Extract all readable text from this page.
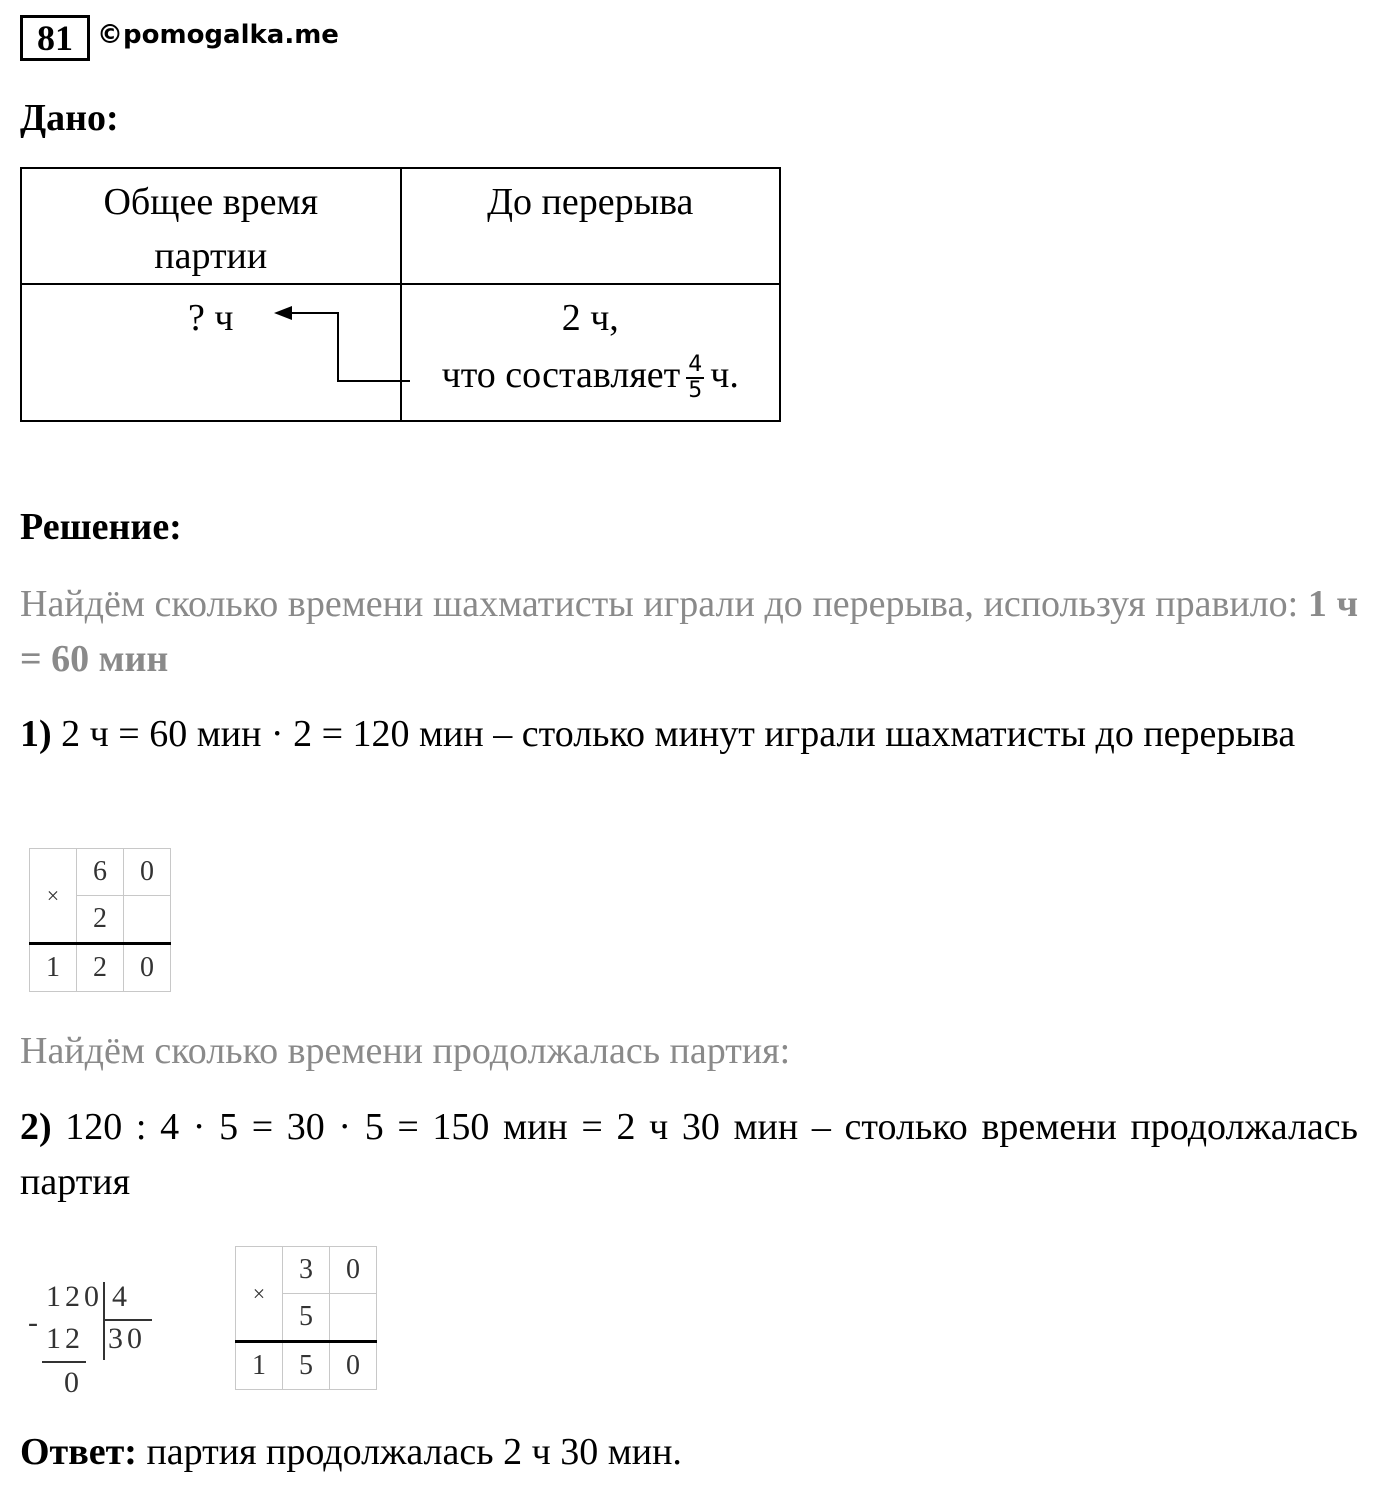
81 ©pomogalka.me
Дано:
Общее время партии	До перерыва
? ч	2 ч,
что составляет $\frac{4}{5} ч$.
Решение:
Найдём сколько времени шахматисты играли до перерыва, используя правило: 1 ч = 60 мин
1) 2 ч = 60 мин · 2 = 120 мин – столько минут играли шахматисты до перерыва
×	6	0
	2	
1	2	0
Найдём сколько времени продолжалась партия:
2) 120 : 4 · 5 = 30 · 5 = 150 мин = 2 ч 30 мин – столько времени продолжалась партия
120 4
- 12 30
0
×	3	0
	5	
1	5	0
Ответ: партия продолжалась 2 ч 30 мин.
